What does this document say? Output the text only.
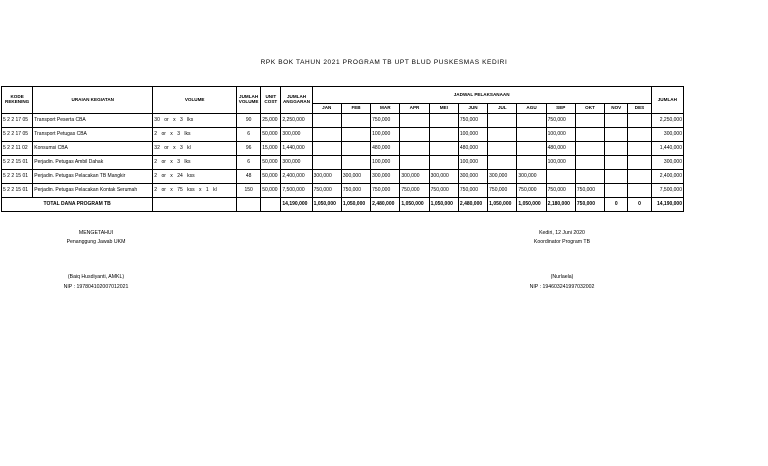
RPK BOK TAHUN 2021 PROGRAM TB UPT BLUD PUSKESMAS KEDIRI
KODE REKENING	URAIAN KEGIATAN	VOLUME	JUMLAH VOLUME	UNIT COST	JUMLAH ANGGARAN	JADWAL PELAKSANAAN												JUMLAH
						JAN	FEB	MAR	APR	MEI	JUN	JUL	AGU	SEP	OKT	NOV	DES	
5 2 2 17 05	Transport Peserta CBA	30 or x 3 lks	90	25,000	2,250,000			750,000			750,000			750,000				2,250,000
5 2 2 17 05	Transport Petugas CBA	2 or x 3 lks	6	50,000	300,000			100,000			100,000			100,000				300,000
5 2 2 11 02	Konsumsi CBA	32 or x 3 kl	96	15,000	1,440,000			480,000			480,000			480,000				1,440,000
5 2 2 15 01	Perjadin. Petugas Ambil Dahak	2 or x 3 lks	6	50,000	300,000			100,000			100,000			100,000				300,000
5 2 2 15 01	Perjadin. Petugas Pelacakan TB Mangkir	2 or x 24 kss	48	50,000	2,400,000	300,000	300,000	300,000	300,000	300,000	300,000	300,000	300,000					2,400,000
5 2 2 15 01	Perjadin. Petugas Pelacakan Kontak Serumah	2 or x 75 kss x 1 kl	150	50,000	7,500,000	750,000	750,000	750,000	750,000	750,000	750,000	750,000	750,000	750,000	750,000			7,500,000
TOTAL DANA PROGRAM TB					14,190,000	1,050,000	1,050,000	2,480,000	1,050,000	1,050,000	2,480,000	1,050,000	1,050,000	2,180,000	750,000	0	0	14,190,000
MENGETAHUI
Penanggung Jawab UKM
(Baiq Husdiyanti, AMKL)
NIP : 197804102007012021
Kediri, 12 Juni 2020
Koordinator Program TB
(Nurlaela)
NIP : 194603241997032002
